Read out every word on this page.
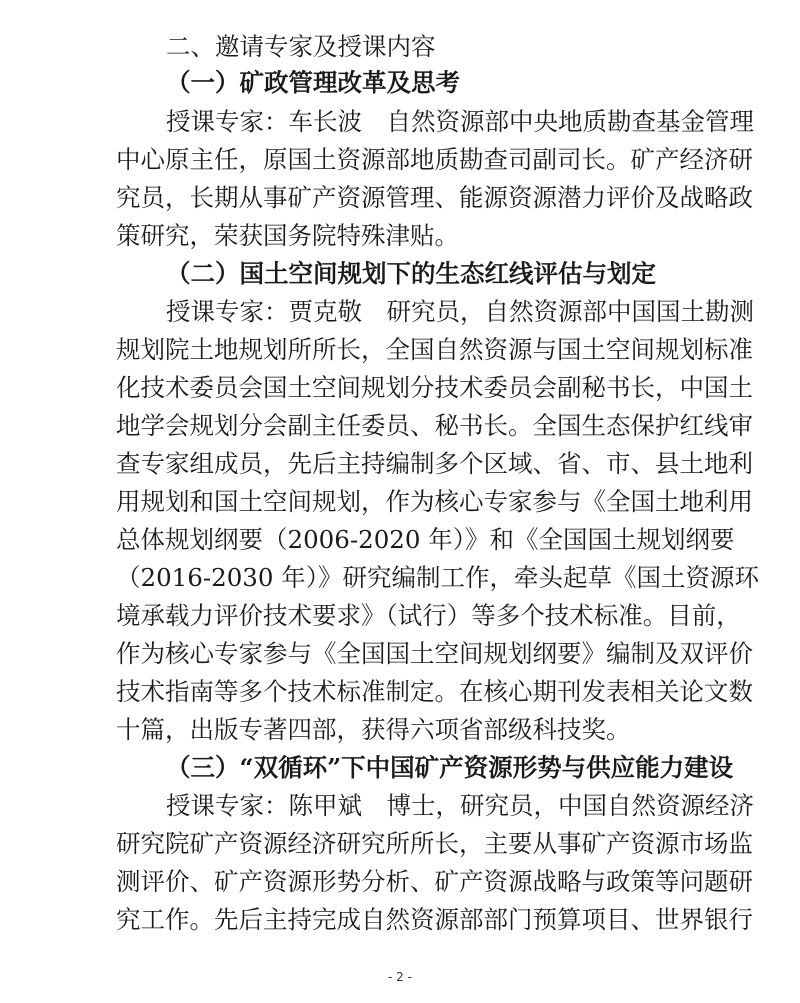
二、邀请专家及授课内容
（一）矿政管理改革及思考
授课专家：车长波　自然资源部中央地质勘查基金管理
中心原主任，原国土资源部地质勘查司副司长。矿产经济研
究员，长期从事矿产资源管理、能源资源潜力评价及战略政
策研究，荣获国务院特殊津贴。
（二）国土空间规划下的生态红线评估与划定
授课专家：贾克敬　研究员，自然资源部中国国土勘测
规划院土地规划所所长，全国自然资源与国土空间规划标准
化技术委员会国土空间规划分技术委员会副秘书长，中国土
地学会规划分会副主任委员、秘书长。全国生态保护红线审
查专家组成员，先后主持编制多个区域、省、市、县土地利
用规划和国土空间规划，作为核心专家参与《全国土地利用
总体规划纲要（2006-2020 年）》和《全国国土规划纲要
（2016-2030 年）》研究编制工作，牵头起草《国土资源环
境承载力评价技术要求》（试行）等多个技术标准。目前，
作为核心专家参与《全国国土空间规划纲要》编制及双评价
技术指南等多个技术标准制定。在核心期刊发表相关论文数
十篇，出版专著四部，获得六项省部级科技奖。
（三）“双循环”下中国矿产资源形势与供应能力建设
授课专家：陈甲斌　博士，研究员，中国自然资源经济
研究院矿产资源经济研究所所长，主要从事矿产资源市场监
测评价、矿产资源形势分析、矿产资源战略与政策等问题研
究工作。先后主持完成自然资源部部门预算项目、世界银行
- 2 -
